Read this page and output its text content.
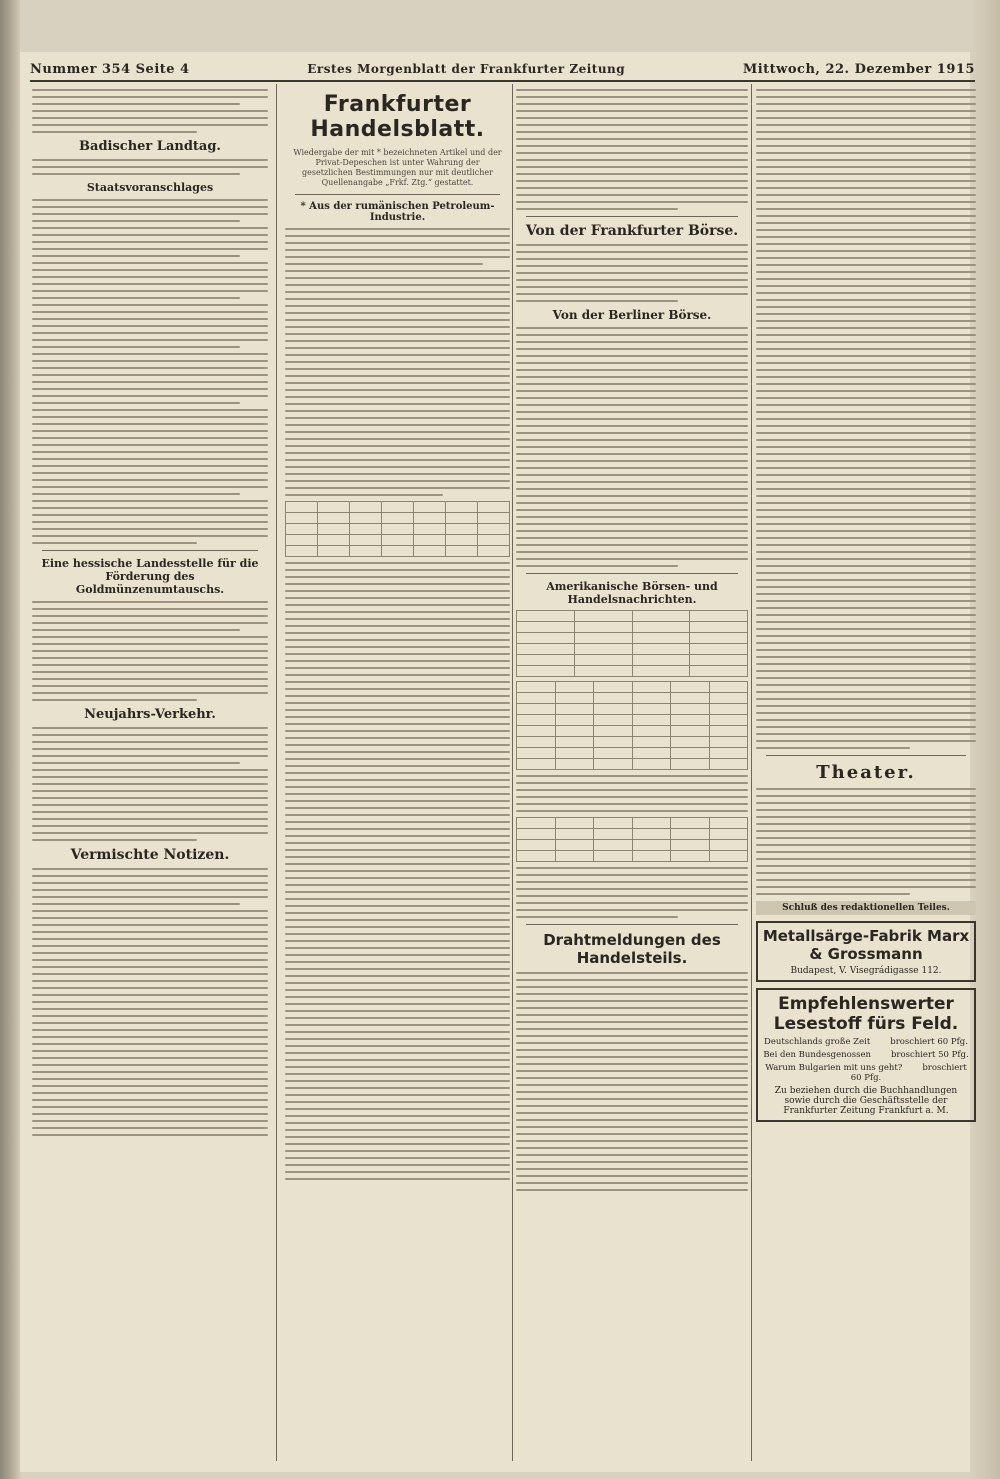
Nummer 354 Seite 4	Erstes Morgenblatt der Frankfurter Zeitung	Mittwoch, 22. Dezember 1915
Badischer Landtag.
Staatsvoranschlages
Eine hessische Landesstelle für die Förderung des Goldmünzenumtauschs.
Neujahrs-Verkehr.
Vermischte Notizen.
Frankfurter Handelsblatt.
Wiedergabe der mit * bezeichneten Artikel und der Privat-Depeschen ist unter Wahrung der gesetzlichen Bestimmungen nur mit deutlicher Quellenangabe „Frkf. Ztg.“ gestattet.
* Aus der rumänischen Petroleum-Industrie.

Von der Frankfurter Börse.
Von der Berliner Börse.
Amerikanische Börsen- und Handelsnachrichten.

Drahtmeldungen des Handelsteils.
Theater.
Schluß des redaktionellen Teiles.
Metallsärge-Fabrik Marx & Grossmann
Budapest, V. Visegrádigasse 112.
Empfehlenswerter Lesestoff fürs Feld.
Deutschlands große Zeit broschiert 60 Pfg.
Bei den Bundesgenossen broschiert 50 Pfg.
Warum Bulgarien mit uns geht? broschiert 60 Pfg.
Zu beziehen durch die Buchhandlungen sowie durch die Geschäftsstelle der Frankfurter Zeitung Frankfurt a. M.
